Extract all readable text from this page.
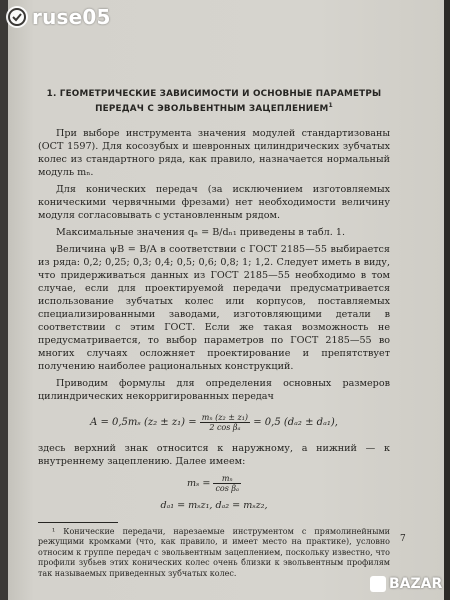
1. ГЕОМЕТРИЧЕСКИЕ ЗАВИСИМОСТИ И ОСНОВНЫЕ ПАРАМЕТРЫ
ПЕРЕДАЧ С ЭВОЛЬВЕНТНЫМ ЗАЦЕПЛЕНИЕМ$^1$

При выборе инструмента значения модулей стандартизованы (ОСТ 1597). Для косозубых и шевронных цилиндрических зубчатых колес из стандартного ряда, как правило, назначается нормальный модуль mₙ.

Для конических передач (за исключением изготовляемых коническими червячными фрезами) нет необходимости величину модуля согласовывать с установленным рядом.

Максимальные значения qₙ = B/dₙ₁ приведены в табл. 1.

Величина ψB = B/A в соответствии с ГОСТ 2185—55 выбирается из ряда: 0,2; 0,25; 0,3; 0,4; 0,5; 0,6; 0,8; 1; 1,2. Следует иметь в виду, что придерживаться данных из ГОСТ 2185—55 необходимо в том случае, если для проектируемой передачи предусматривается использование зубчатых колес или корпусов, поставляемых специализированными заводами, изготовляющими детали в соответствии с этим ГОСТ. Если же такая возможность не предусматривается, то выбор параметров по ГОСТ 2185—55 во многих случаях осложняет проектирование и препятствует получению наиболее рациональных конструкций.

Приводим формулы для определения основных размеров цилиндрических некорригированных передач

A = 0,5mₛ $(z_2 \pm z_1) = \frac{\text{mₙ (z₂ ± z₁)}}{\text{2 cos βₐ}} = 0,5$ (dₐ₂ ± dₐ₁),

здесь верхний знак относится к наружному, а нижний — к внутреннему зацеплению. Далее имеем:

$m_s = \frac{\text{mₙ}}{\text{cos βₐ}}$
dₐ₁ = mₛz₁, dₐ₂ = mₛz₂,
¹ Конические передачи, нарезаемые инструментом с прямолинейными режущими кромками (что, как правило, и имеет место на практике), условно относим к группе передач с эвольвентным зацеплением, поскольку известно, что профили зубьев этих конических колес очень близки к эвольвентным профилям так называемых приведенных зубчатых колес.
7
ruse05
BAZAR
